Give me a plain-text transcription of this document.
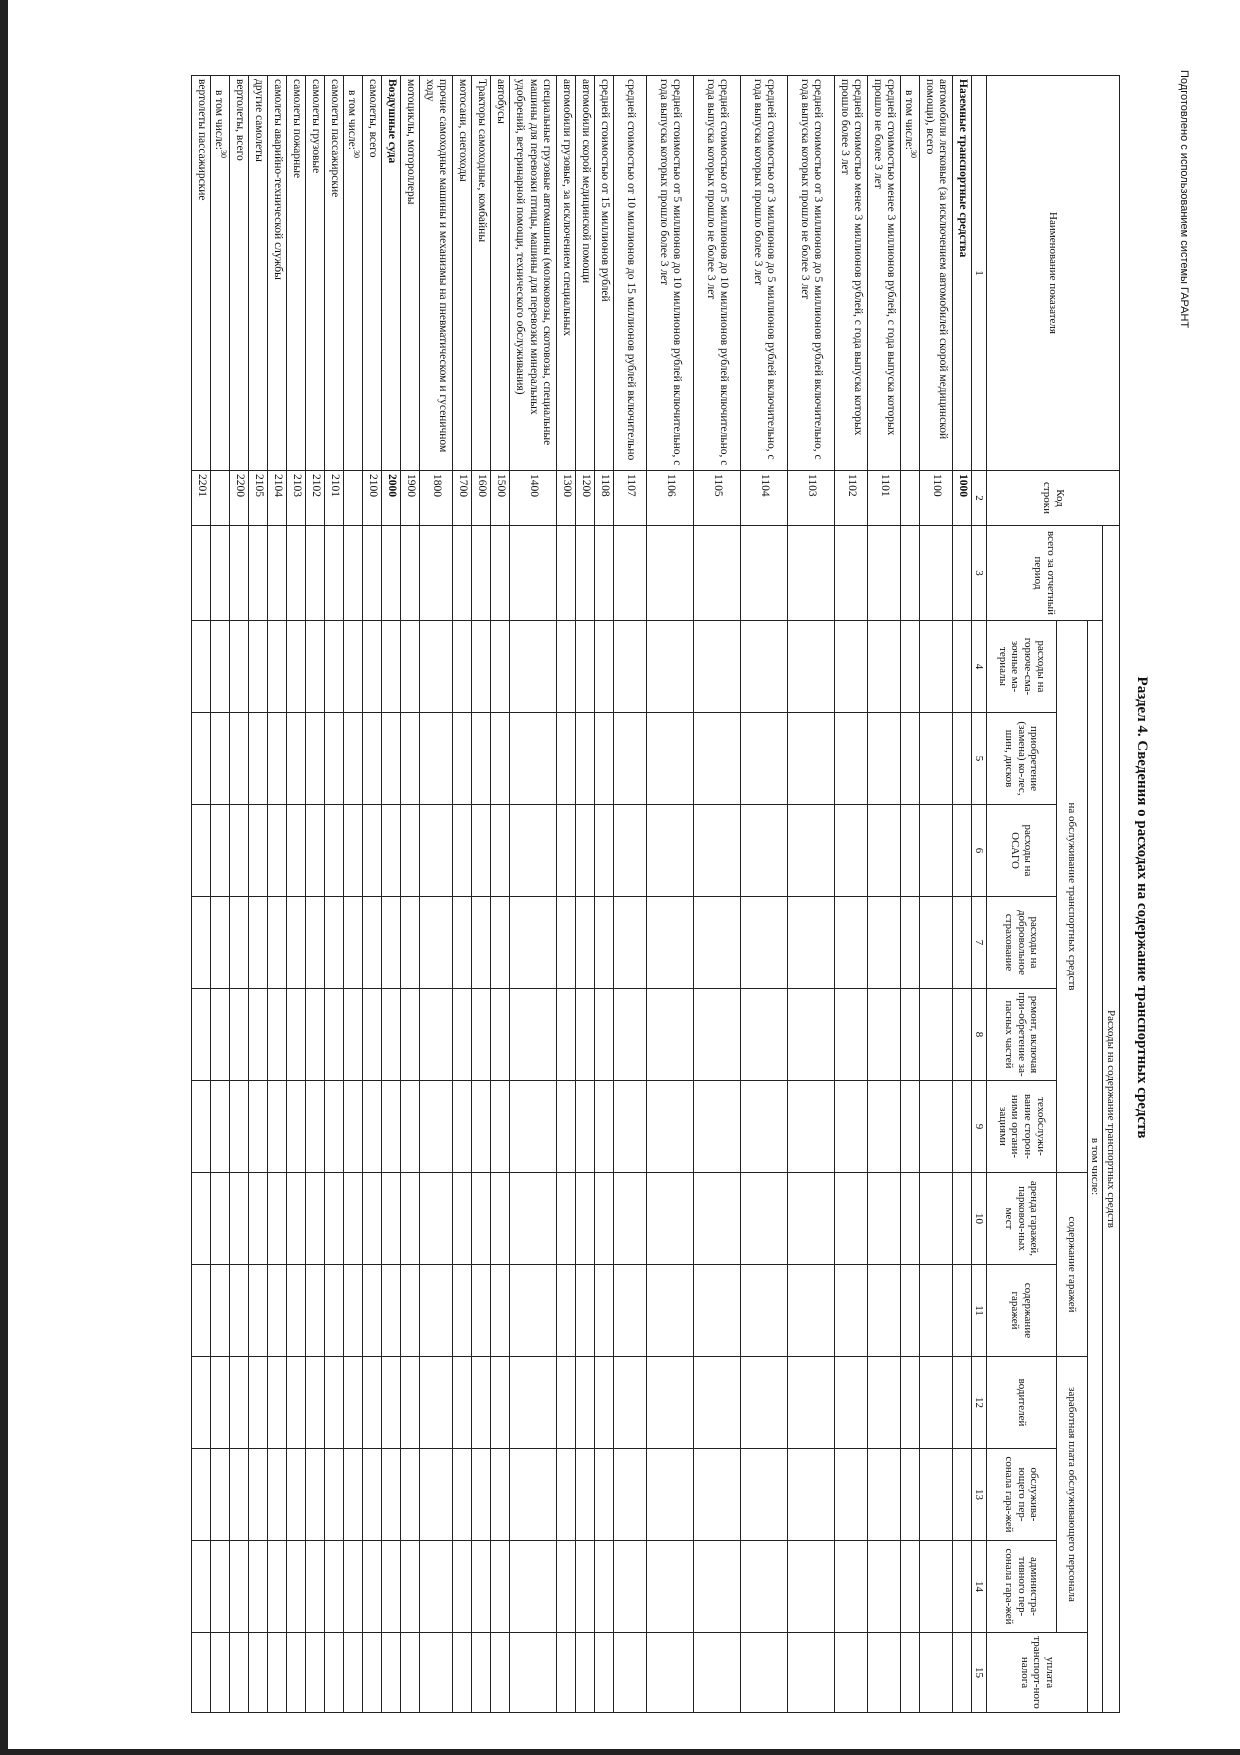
Подготовлено с использованием системы ГАРАНТ
Раздел 4. Сведения о расходах на содержание транспортных средств
Наименование показателя	Код строки	Расходы на содержание транспортных средств												
		всего за отчетный период	в том числе:											
			на обслуживание транспортных средств						содержание гаражей		заработная плата обслуживающего персонала			уплата транспорт-ного налога
											водителей	обслужива-ющего пер-сонала гара-жей	администра-тивного пер-сонала гара-жей	
			расходы на горюче-сма-зочные ма-териалы	приобретение (замена) ко-лес, шин, дисков	расходы на ОСАГО	расходы на добровольное страхование	ремонт, включая при-обретение за-пасных частей	техобслужи-вание сторон-ними органи-зациями	аренда гаражей, парковоч-ных мест	содержание гаражей				
1	2	3	4	5	6	7	8	9	10	11	12	13	14	15
Наземные транспортные средства	1000													
автомобили легковые (за исключением автомобилей скорой медицинской помощи), всего	1100													
в том числе:$^{30}$														
средней стоимостью менее 3 миллионов рублей, с года выпуска которых прошло не более 3 лет	1101													
средней стоимостью менее 3 миллионов рублей, с года выпуска которых прошло более 3 лет	1102													
средней стоимостью от 3 миллионов до 5 миллионов рублей включительно, с года выпуска которых прошло не более 3 лет	1103													
средней стоимостью от 3 миллионов до 5 миллионов рублей включительно, с года выпуска которых прошло более 3 лет	1104													
средней стоимостью от 5 миллионов до 10 миллионов рублей включительно, с года выпуска которых прошло не более 3 лет	1105													
средней стоимостью от 5 миллионов до 10 миллионов рублей включительно, с года выпуска которых прошло более 3 лет	1106													
средней стоимостью от 10 миллионов до 15 миллионов рублей включительно	1107													
средней стоимостью от 15 миллионов рублей	1108													
автомобили скорой медицинской помощи	1200													
автомобили грузовые, за исключением специальных	1300													
специальные грузовые автомашины (молоковозы, скотовозы, специальные машины для перевозки птицы, машины для перевозки минеральных удобрений, ветеринарной помощи, технического обслуживания)	1400													
автобусы	1500													
Тракторы самоходные, комбайны	1600													
мотосани, снегоходы	1700													
прочие самоходные машины и механизмы на пневматическом и гусеничном ходу	1800													
мотоциклы, мотороллеры	1900													
Воздушные суда	2000													
самолеты, всего	2100													
в том числе:$^{30}$														
самолеты пассажирские	2101													
самолеты грузовые	2102													
самолеты пожарные	2103													
самолеты аварийно-технической службы	2104													
другие самолеты	2105													
вертолеты, всего	2200													
в том числе:$^{30}$														
вертолеты пассажирские	2201													
